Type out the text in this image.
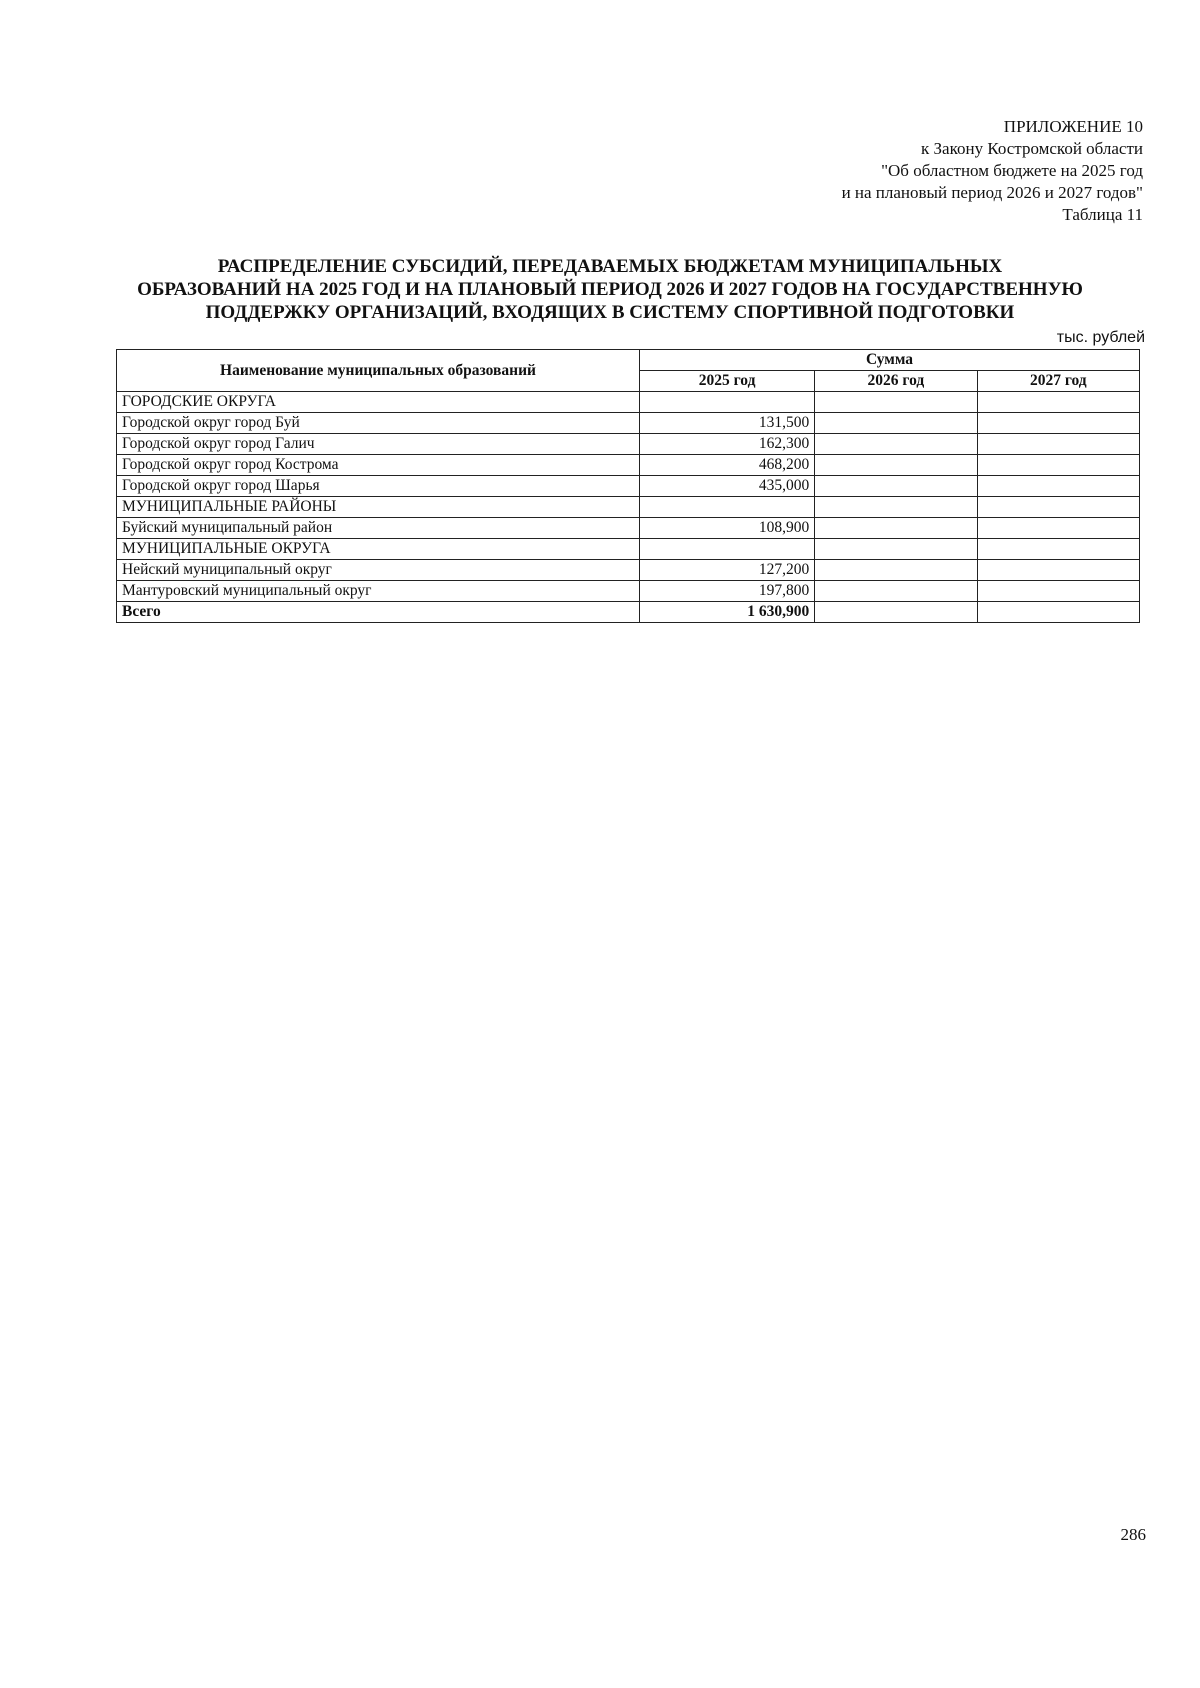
ПРИЛОЖЕНИЕ 10
к Закону Костромской области
"Об областном бюджете на 2025 год
и на плановый период 2026 и 2027 годов"
Таблица 11
РАСПРЕДЕЛЕНИЕ СУБСИДИЙ, ПЕРЕДАВАЕМЫХ БЮДЖЕТАМ МУНИЦИПАЛЬНЫХ
ОБРАЗОВАНИЙ НА 2025 ГОД И НА ПЛАНОВЫЙ ПЕРИОД 2026 И 2027 ГОДОВ НА ГОСУДАРСТВЕННУЮ
ПОДДЕРЖКУ ОРГАНИЗАЦИЙ, ВХОДЯЩИХ В СИСТЕМУ СПОРТИВНОЙ ПОДГОТОВКИ
тыс. рублей
Наименование муниципальных образований	Сумма		
	2025 год	2026 год	2027 год
ГОРОДСКИЕ ОКРУГА			
Городской округ город Буй	131,500		
Городской округ город Галич	162,300		
Городской округ город Кострома	468,200		
Городской округ город Шарья	435,000		
МУНИЦИПАЛЬНЫЕ РАЙОНЫ			
Буйский муниципальный район	108,900		
МУНИЦИПАЛЬНЫЕ ОКРУГА			
Нейский муниципальный округ	127,200		
Мантуровский муниципальный округ	197,800		
Всего	1 630,900		
286
